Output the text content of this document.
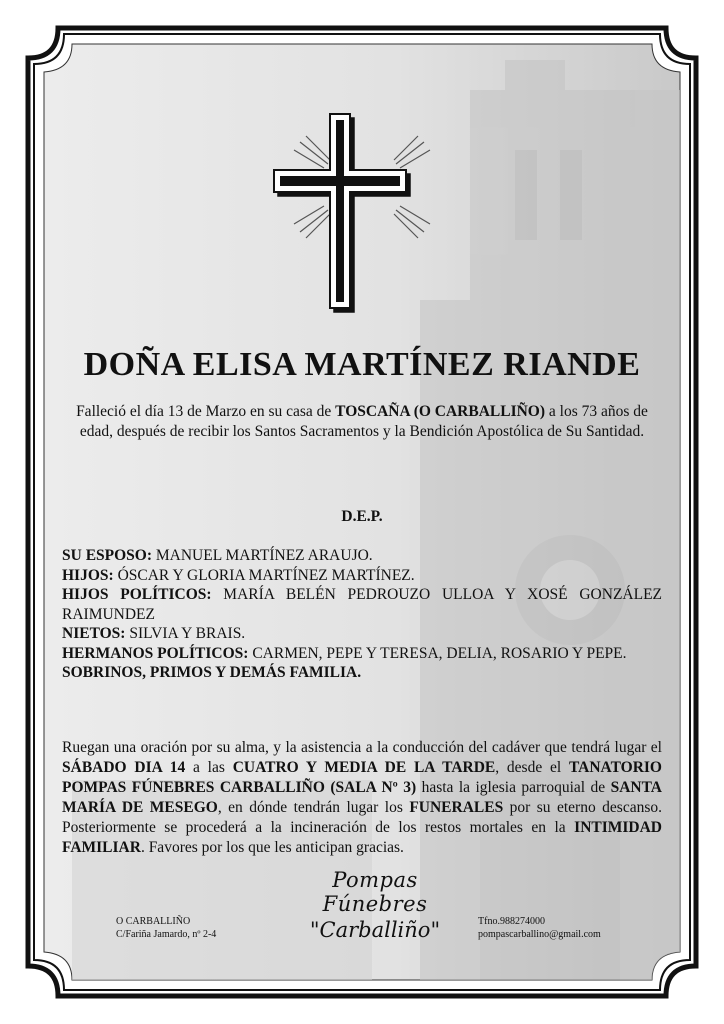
DOÑA ELISA MARTÍNEZ RIANDE
Falleció el día 13 de Marzo en su casa de TOSCAÑA (O CARBALLIÑO) a los 73 años de edad, después de recibir los Santos Sacramentos y la Bendición Apostólica de Su Santidad.
D.E.P.

SU ESPOSO: MANUEL MARTÍNEZ ARAUJO.

HIJOS: ÓSCAR Y GLORIA MARTÍNEZ MARTÍNEZ.

HIJOS POLÍTICOS: MARÍA BELÉN PEDROUZO ULLOA Y XOSÉ GONZÁLEZ RAIMUNDEZ

NIETOS: SILVIA Y BRAIS.

HERMANOS POLÍTICOS: CARMEN, PEPE Y TERESA, DELIA, ROSARIO Y PEPE.

SOBRINOS, PRIMOS Y DEMÁS FAMILIA.

Ruegan una oración por su alma, y la asistencia a la conducción del cadáver que tendrá lugar el SÁBADO DIA 14 a las CUATRO Y MEDIA DE LA TARDE, desde el TANATORIO POMPAS FÚNEBRES CARBALLIÑO (SALA Nº 3) hasta la iglesia parroquial de SANTA MARÍA DE MESEGO, en dónde tendrán lugar los FUNERALES por su eterno descanso. Posteriormente se procederá a la incineración de los restos mortales en la INTIMIDAD FAMILIAR. Favores por los que les anticipan gracias.
Pompas Fúnebres
"Carballiño"
O CARBALLIÑO
C/Fariña Jamardo, nº 2-4
Tfno.988274000
pompascarballino@gmail.com
